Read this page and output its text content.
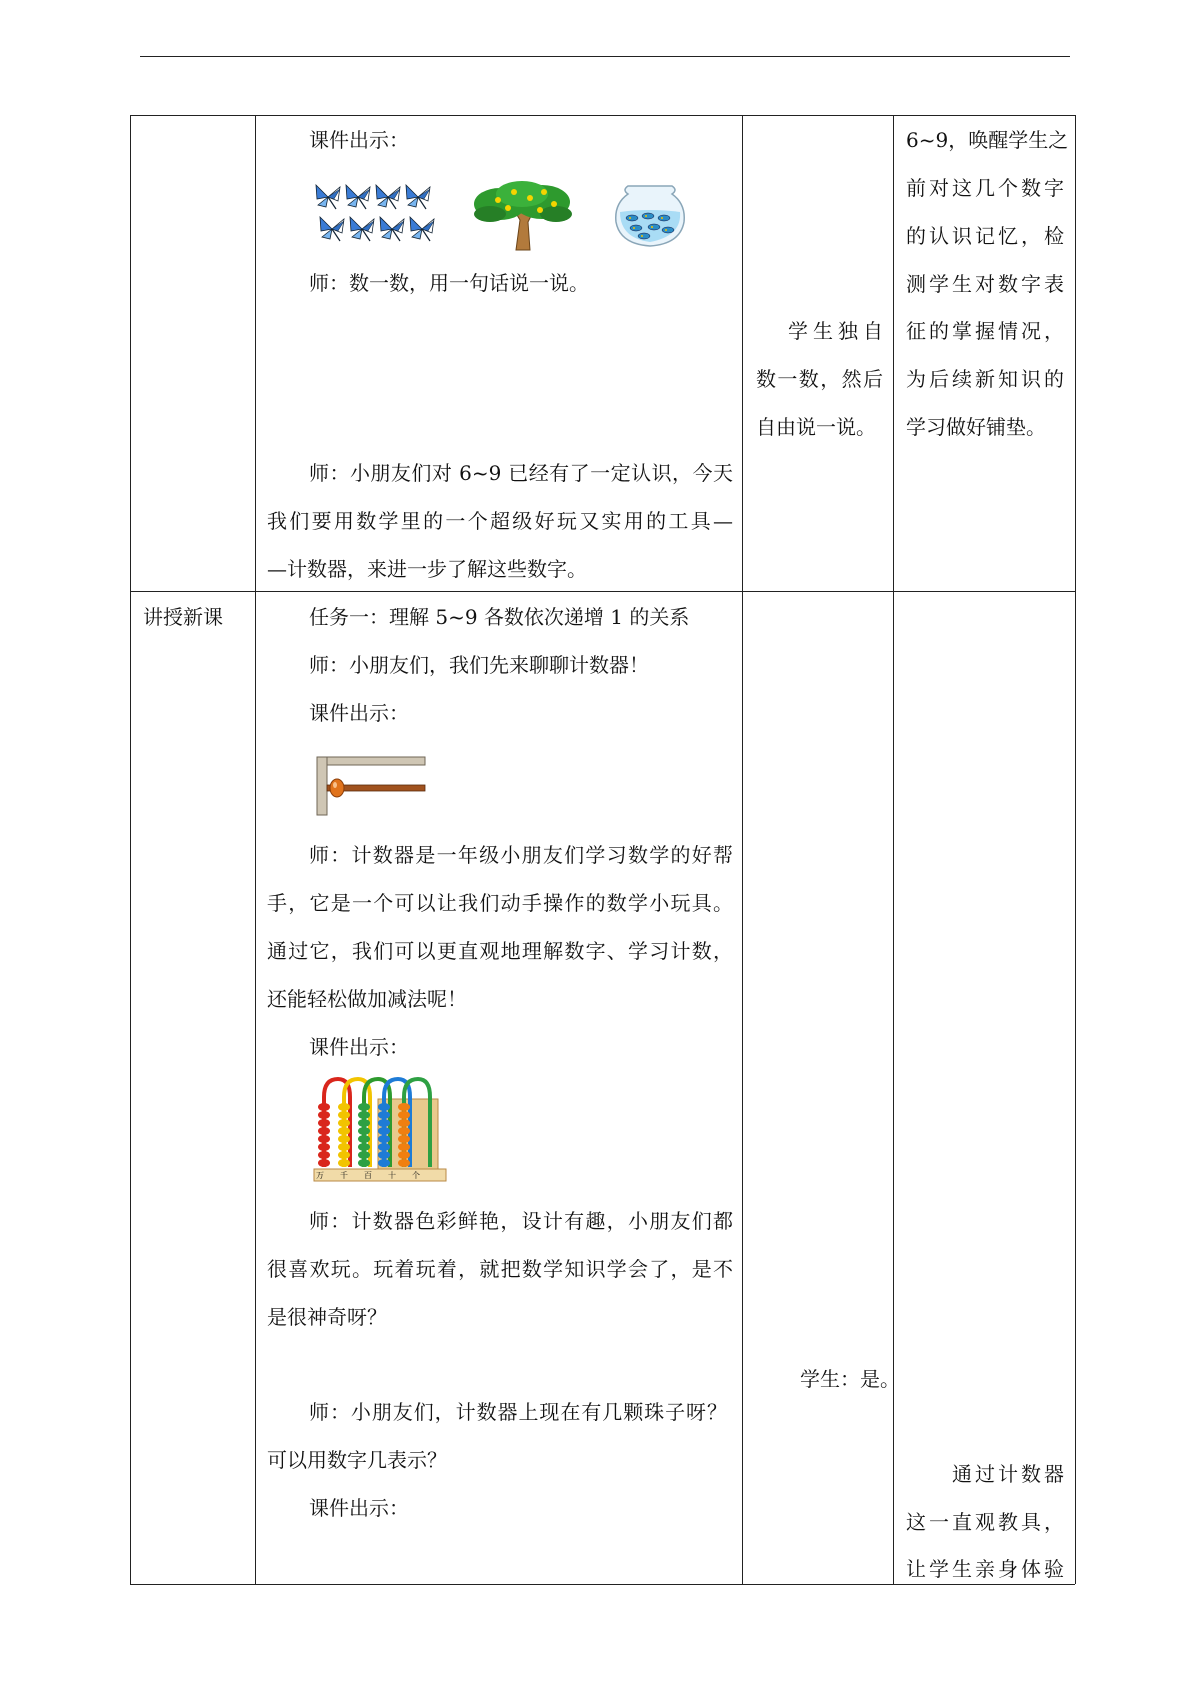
课件出示：
师：数一数，用一句话说一说。
师：小朋友们对 6~9 已经有了一定认识，今天
我们要用数学里的一个超级好玩又实用的工具—
—计数器，来进一步了解这些数字。
学生独自
数一数，然后
自由说一说。
6~9，唤醒学生之
前对这几个数字
的认识记忆，检
测学生对数字表
征的掌握情况，
为后续新知识的
学习做好铺垫。
讲授新课	任务一：理解 5~9 各数依次递增 1 的关系
师：小朋友们，我们先来聊聊计数器！
课件出示：
师：计数器是一年级小朋友们学习数学的好帮
手，它是一个可以让我们动手操作的数学小玩具。
通过它，我们可以更直观地理解数字、学习计数，
还能轻松做加减法呢！
课件出示：
万 千 百 十 个
师：计数器色彩鲜艳，设计有趣，小朋友们都
很喜欢玩。玩着玩着，就把数学知识学会了，是不
是很神奇呀？
学生：是。
师：小朋友们，计数器上现在有几颗珠子呀？
可以用数字几表示？
课件出示：
通过计数器
这一直观教具，
让学生亲身体验
